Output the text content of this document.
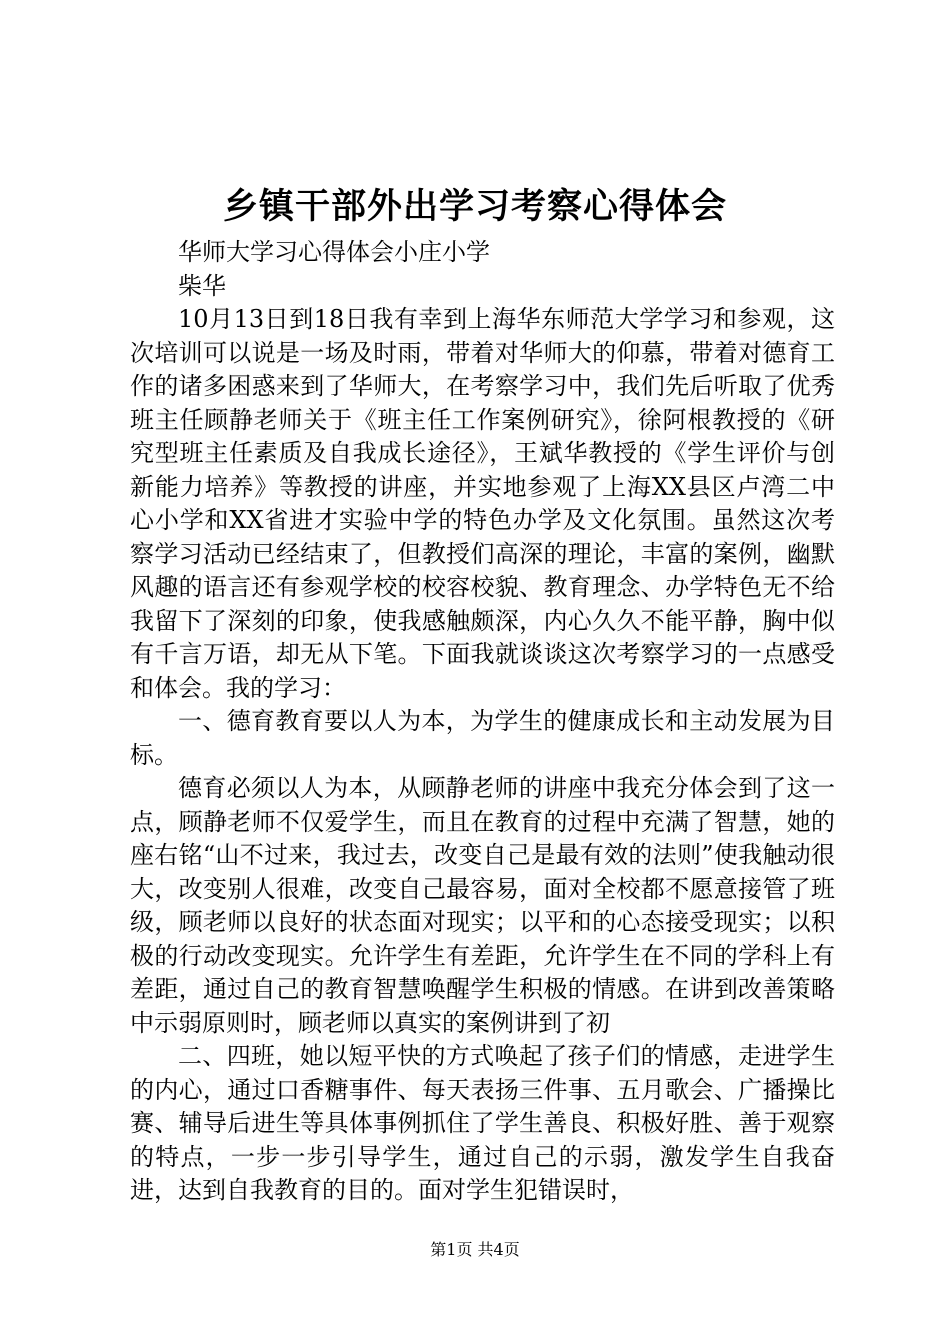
乡镇干部外出学习考察心得体会

华师大学习心得体会小庄小学

柴华

10月13日到18日我有幸到上海华东师范大学学习和参观，这次培训可以说是一场及时雨，带着对华师大的仰慕，带着对德育工作的诸多困惑来到了华师大，在考察学习中，我们先后听取了优秀班主任顾静老师关于《班主任工作案例研究》，徐阿根教授的《研究型班主任素质及自我成长途径》，王斌华教授的《学生评价与创新能力培养》等教授的讲座，并实地参观了上海XX县区卢湾二中心小学和XX省进才实验中学的特色办学及文化氛围。虽然这次考察学习活动已经结束了，但教授们高深的理论，丰富的案例，幽默风趣的语言还有参观学校的校容校貌、教育理念、办学特色无不给我留下了深刻的印象，使我感触颇深，内心久久不能平静，胸中似有千言万语，却无从下笔。下面我就谈谈这次考察学习的一点感受和体会。我的学习：

一、德育教育要以人为本，为学生的健康成长和主动发展为目标。

德育必须以人为本，从顾静老师的讲座中我充分体会到了这一点，顾静老师不仅爱学生，而且在教育的过程中充满了智慧，她的座右铭“山不过来，我过去，改变自己是最有效的法则”使我触动很大，改变别人很难，改变自己最容易，面对全校都不愿意接管了班级，顾老师以良好的状态面对现实；以平和的心态接受现实；以积极的行动改变现实。允许学生有差距，允许学生在不同的学科上有差距，通过自己的教育智慧唤醒学生积极的情感。在讲到改善策略中示弱原则时，顾老师以真实的案例讲到了初

二、四班，她以短平快的方式唤起了孩子们的情感，走进学生的内心，通过口香糖事件、每天表扬三件事、五月歌会、广播操比赛、辅导后进生等具体事例抓住了学生善良、积极好胜、善于观察的特点，一步一步引导学生，通过自己的示弱，激发学生自我奋进，达到自我教育的目的。面对学生犯错误时，

第1页 共4页
